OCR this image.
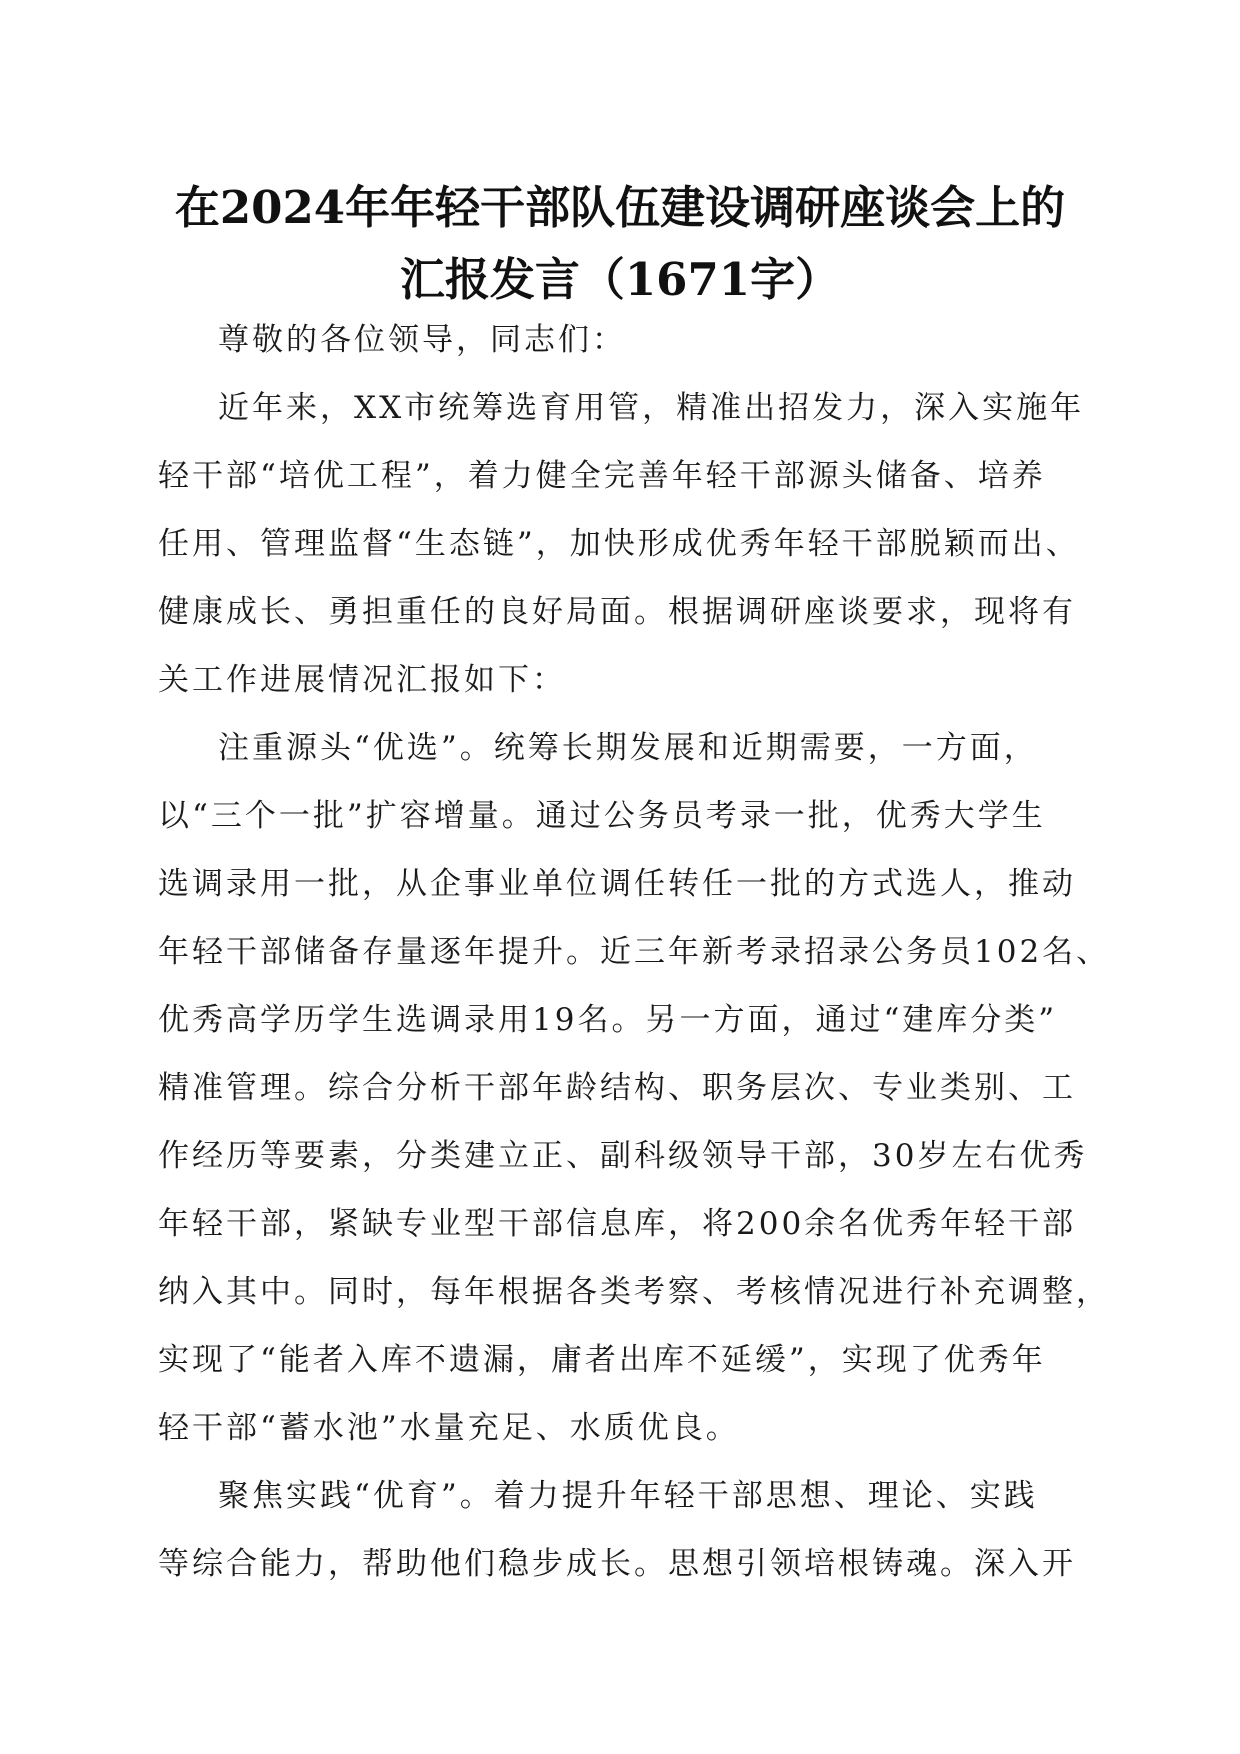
在2024年年轻干部队伍建设调研座谈会上的
汇报发言（1671字）
尊敬的各位领导，同志们：
近年来，XX市统筹选育用管，精准出招发力，深入实施年
轻干部“培优工程”，着力健全完善年轻干部源头储备、培养
任用、管理监督“生态链”，加快形成优秀年轻干部脱颖而出、
健康成长、勇担重任的良好局面。根据调研座谈要求，现将有
关工作进展情况汇报如下：
注重源头“优选”。统筹长期发展和近期需要，一方面，
以“三个一批”扩容增量。通过公务员考录一批，优秀大学生
选调录用一批，从企事业单位调任转任一批的方式选人，推动
年轻干部储备存量逐年提升。近三年新考录招录公务员102名、
优秀高学历学生选调录用19名。另一方面，通过“建库分类”
精准管理。综合分析干部年龄结构、职务层次、专业类别、工
作经历等要素，分类建立正、副科级领导干部，30岁左右优秀
年轻干部，紧缺专业型干部信息库，将200余名优秀年轻干部
纳入其中。同时，每年根据各类考察、考核情况进行补充调整，
实现了“能者入库不遗漏，庸者出库不延缓”，实现了优秀年
轻干部“蓄水池”水量充足、水质优良。
聚焦实践“优育”。着力提升年轻干部思想、理论、实践
等综合能力，帮助他们稳步成长。思想引领培根铸魂。深入开
